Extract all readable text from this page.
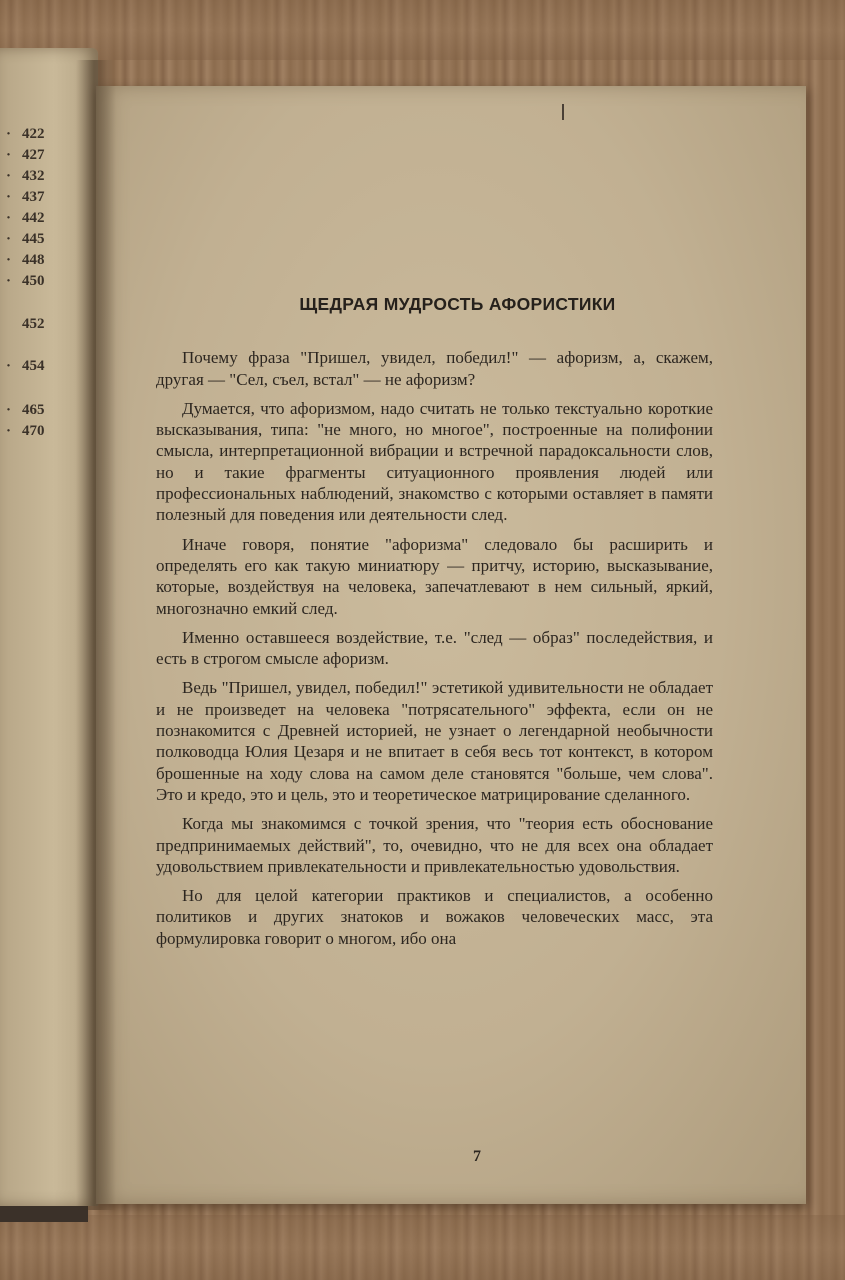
· 422
· 427
· 432
· 437
· 442
· 445
· 448
· 450
452
· 454
· 465
· 470
ЩЕДРАЯ МУДРОСТЬ АФОРИСТИКИ

Почему фраза "Пришел, увидел, победил!" — афоризм, а, скажем, другая — "Сел, съел, встал" — не афоризм?

Думается, что афоризмом, надо считать не только текстуально короткие высказывания, типа: "не много, но многое", построенные на полифонии смысла, интерпретационной вибрации и встречной парадоксальности слов, но и такие фрагменты ситуационного проявления людей или профессиональных наблюдений, знакомство с которыми оставляет в памяти полезный для поведения или деятельности след.

Иначе говоря, понятие "афоризма" следовало бы расширить и определять его как такую миниатюру — притчу, историю, высказывание, которые, воздействуя на человека, запечатлевают в нем сильный, яркий, многозначно емкий след.

Именно оставшееся воздействие, т.е. "след — образ" последействия, и есть в строгом смысле афоризм.

Ведь "Пришел, увидел, победил!" эстетикой удивительности не обладает и не произведет на человека "потрясательного" эффекта, если он не познакомится с Древней историей, не узнает о легендарной необычности полководца Юлия Цезаря и не впитает в себя весь тот контекст, в котором брошенные на ходу слова на самом деле становятся "больше, чем слова". Это и кредо, это и цель, это и теоретическое матрицирование сделанного.

Когда мы знакомимся с точкой зрения, что "теория есть обоснование предпринимаемых действий", то, очевидно, что не для всех она обладает удовольствием привлекательности и привлекательностью удовольствия.

Но для целой категории практиков и специалистов, а особенно политиков и других знатоков и вожаков человеческих масс, эта формулировка говорит о многом, ибо она

7
